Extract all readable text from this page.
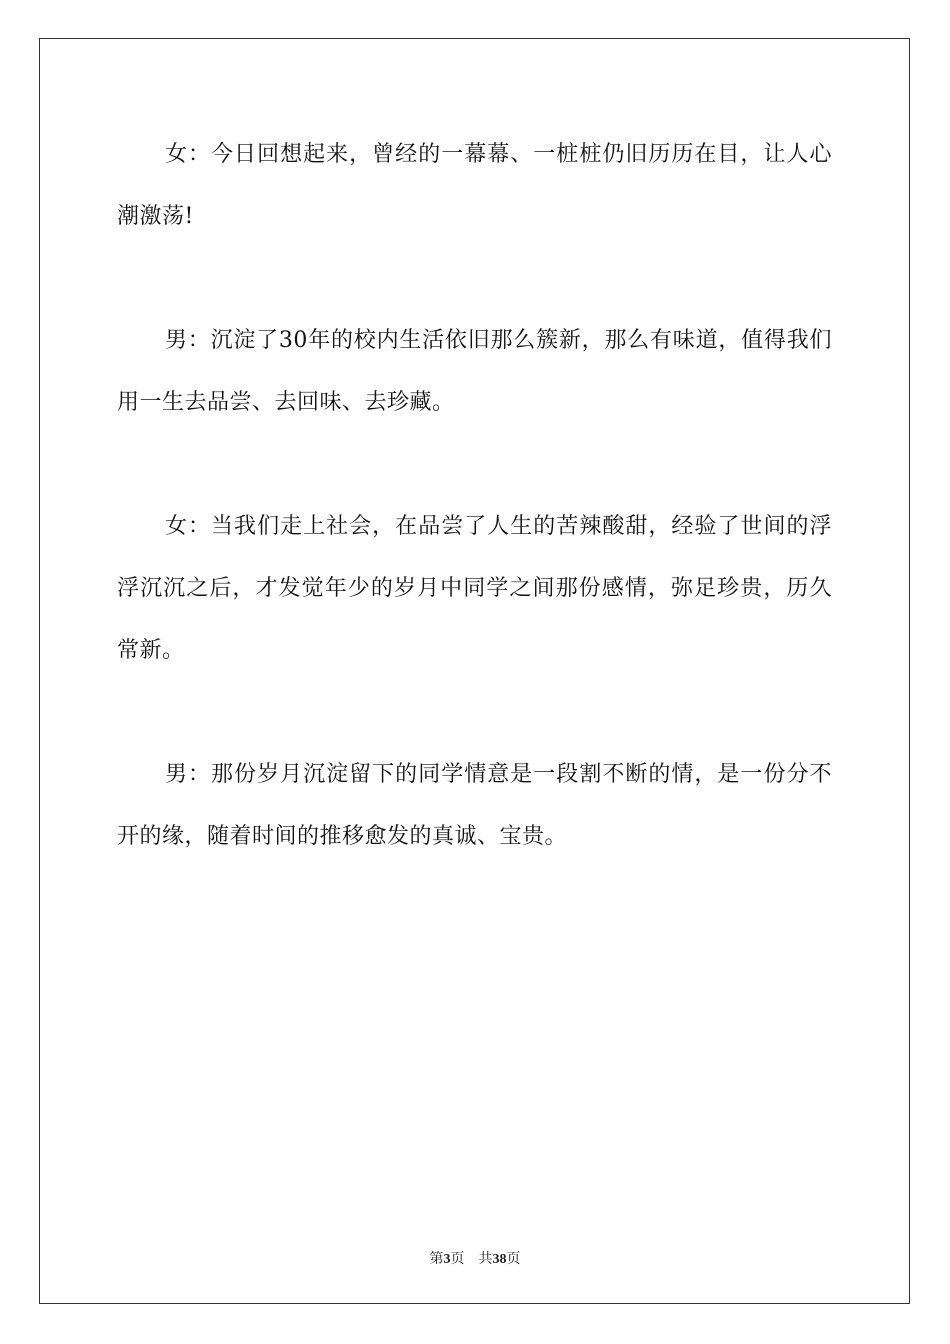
女：今日回想起来，曾经的一幕幕、一桩桩仍旧历历在目，让人心潮激荡!

男：沉淀了30年的校内生活依旧那么簇新，那么有味道，值得我们用一生去品尝、去回味、去珍藏。

女：当我们走上社会，在品尝了人生的苦辣酸甜，经验了世间的浮浮沉沉之后，才发觉年少的岁月中同学之间那份感情，弥足珍贵，历久常新。

男：那份岁月沉淀留下的同学情意是一段割不断的情，是一份分不开的缘，随着时间的推移愈发的真诚、宝贵。

第3页 共38页
